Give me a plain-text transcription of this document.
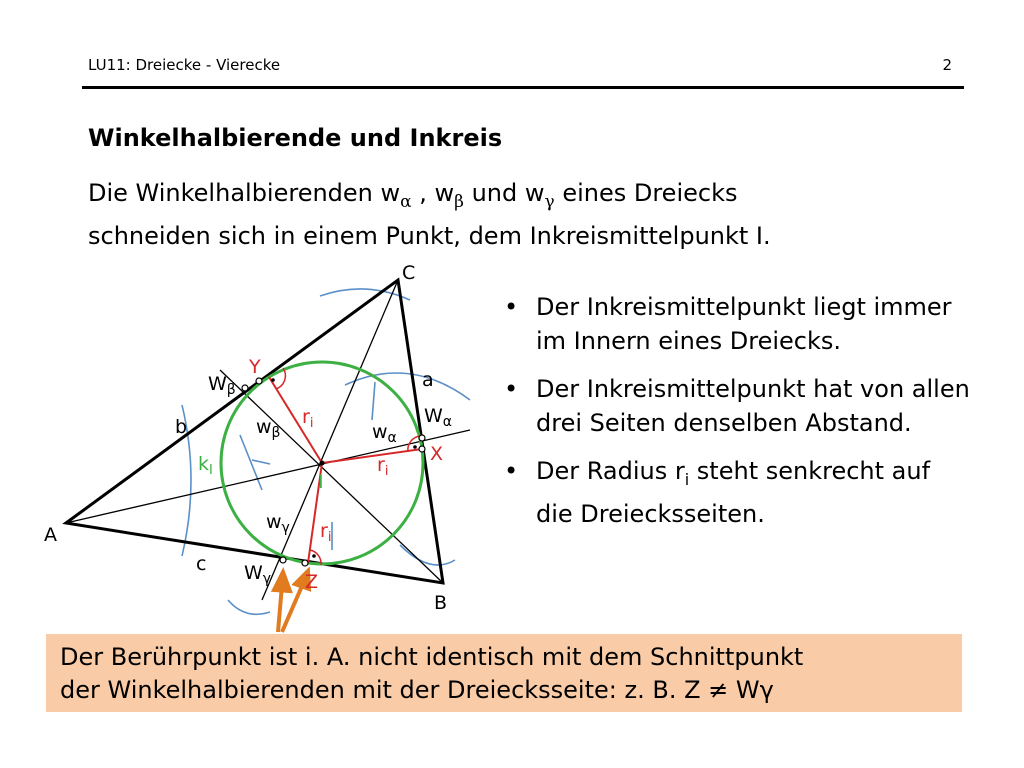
LU11: Dreiecke - Vierecke	2
Winkelhalbierende und Inkreis
Die Winkelhalbierenden $w_\alpha$ , $w_\beta$ und $w_\gamma$ eines Dreiecks
schneiden sich in einem Punkt, dem Inkreismittelpunkt I.
C
A
B
a
b
c
$W_\beta$
$W_\alpha$
$W_\gamma$
$w_\beta$	$w_\alpha$
$w_\gamma$
$k_I$
I
Y
X
Z
$r_i$
$r_i$
$r_i$
• Der Inkreismittelpunkt liegt immer im Innern eines Dreiecks.
• Der Inkreismittelpunkt hat von allen drei Seiten denselben Abstand.
• Der Radius $r_i$ steht senkrecht auf die Dreiecksseiten.
Der Berührpunkt ist i. A. nicht identisch mit dem Schnittpunkt
der Winkelhalbierenden mit der Dreiecksseite: z. B. Z ≠ Wγ
